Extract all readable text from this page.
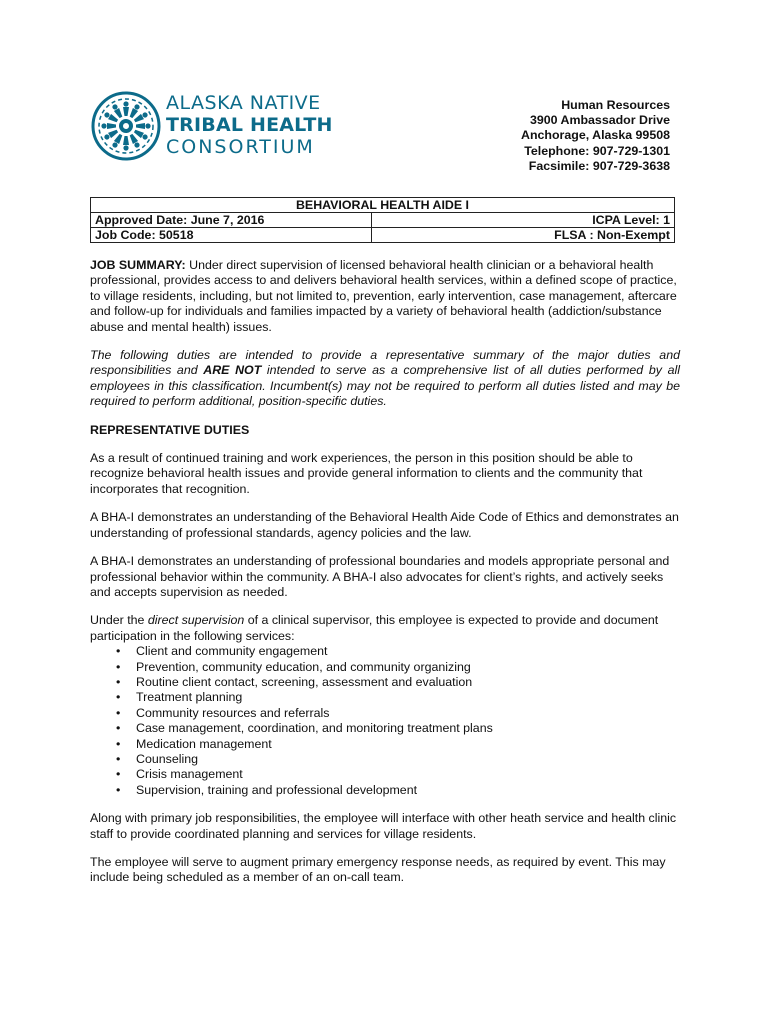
ALASKA NATIVE
TRIBAL HEALTH
CONSORTIUM
Human Resources
3900 Ambassador Drive
Anchorage, Alaska 99508
Telephone: 907-729-1301
Facsimile: 907-729-3638
BEHAVIORAL HEALTH AIDE I	
Approved Date: June 7, 2016	ICPA Level: 1
Job Code: 50518	FLSA : Non-Exempt

JOB SUMMARY: Under direct supervision of licensed behavioral health clinician or a behavioral health professional, provides access to and delivers behavioral health services, within a defined scope of practice, to village residents, including, but not limited to, prevention, early intervention, case management, aftercare and follow-up for individuals and families impacted by a variety of behavioral health (addiction/substance abuse and mental health) issues.

The following duties are intended to provide a representative summary of the major duties and responsibilities and ARE NOT intended to serve as a comprehensive list of all duties performed by all employees in this classification. Incumbent(s) may not be required to perform all duties listed and may be required to perform additional, position-specific duties.

REPRESENTATIVE DUTIES

As a result of continued training and work experiences, the person in this position should be able to recognize behavioral health issues and provide general information to clients and the community that incorporates that recognition.

A BHA-I demonstrates an understanding of the Behavioral Health Aide Code of Ethics and demonstrates an understanding of professional standards, agency policies and the law.

A BHA-I demonstrates an understanding of professional boundaries and models appropriate personal and professional behavior within the community. A BHA-I also advocates for client’s rights, and actively seeks and accepts supervision as needed.

Under the direct supervision of a clinical supervisor, this employee is expected to provide and document participation in the following services:

• Client and community engagement
• Prevention, community education, and community organizing
• Routine client contact, screening, assessment and evaluation
• Treatment planning
• Community resources and referrals
• Case management, coordination, and monitoring treatment plans
• Medication management
• Counseling
• Crisis management
• Supervision, training and professional development

Along with primary job responsibilities, the employee will interface with other heath service and health clinic staff to provide coordinated planning and services for village residents.

The employee will serve to augment primary emergency response needs, as required by event. This may include being scheduled as a member of an on-call team.
